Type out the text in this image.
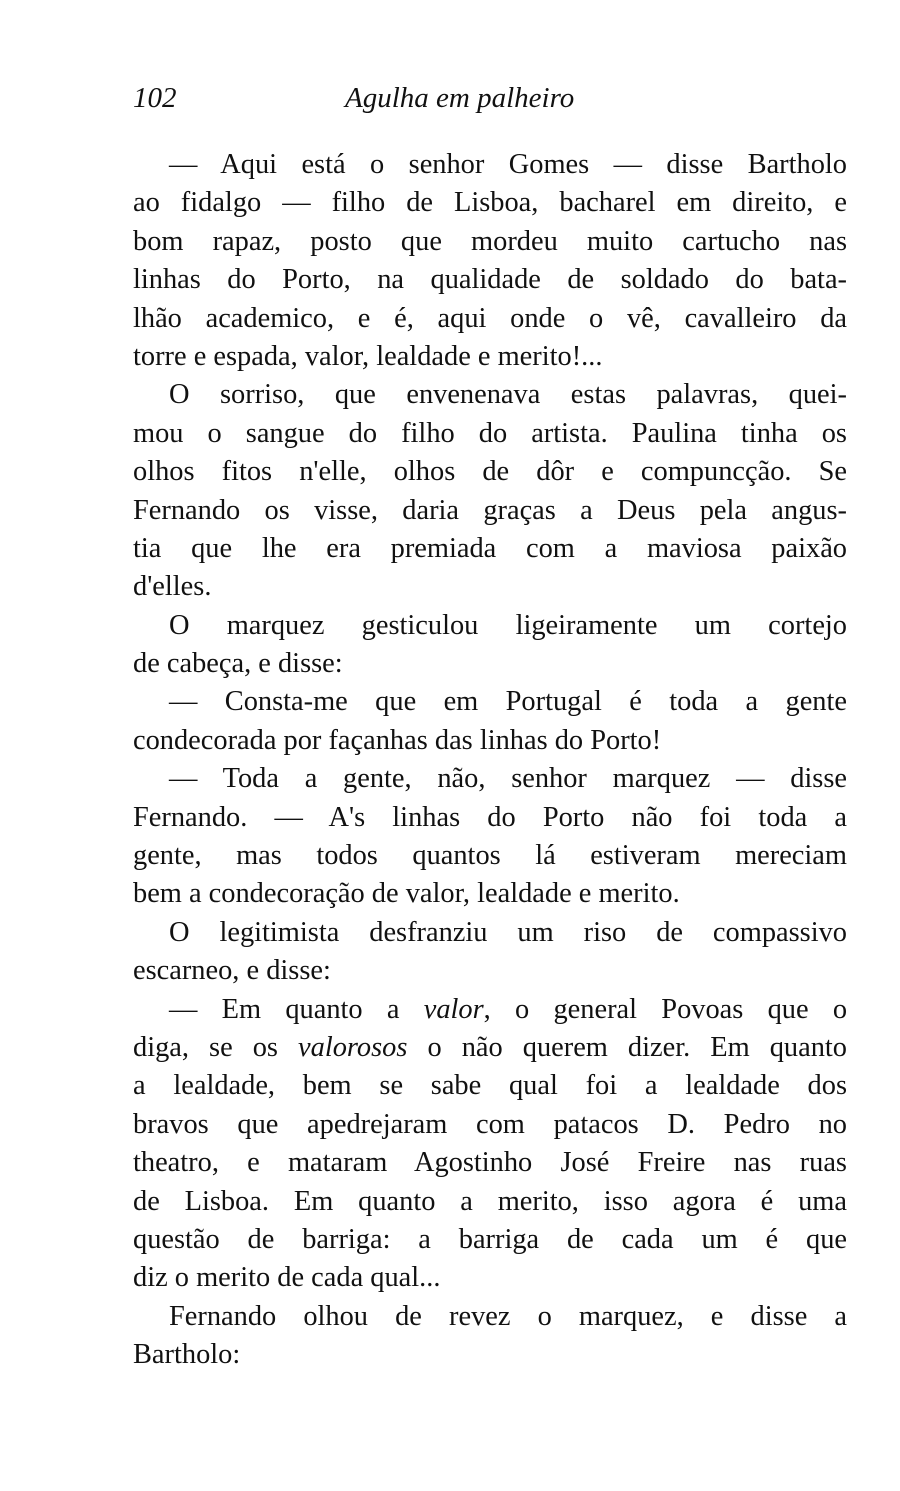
102	Agulha em palheiro
— Aqui está o senhor Gomes — disse Bartholo
ao fidalgo — filho de Lisboa, bacharel em direito, e
bom rapaz, posto que mordeu muito cartucho nas
linhas do Porto, na qualidade de soldado do bata-
lhão academico, e é, aqui onde o vê, cavalleiro da
torre e espada, valor, lealdade e merito!...
O sorriso, que envenenava estas palavras, quei-
mou o sangue do filho do artista. Paulina tinha os
olhos fitos n'elle, olhos de dôr e compuncção. Se
Fernando os visse, daria graças a Deus pela angus-
tia que lhe era premiada com a maviosa paixão
d'elles.
O marquez gesticulou ligeiramente um cortejo
de cabeça, e disse:
— Consta-me que em Portugal é toda a gente
condecorada por façanhas das linhas do Porto!
— Toda a gente, não, senhor marquez — disse
Fernando. — A's linhas do Porto não foi toda a
gente, mas todos quantos lá estiveram mereciam
bem a condecoração de valor, lealdade e merito.
O legitimista desfranziu um riso de compassivo
escarneo, e disse:
— Em quanto a valor, o general Povoas que o
diga, se os valorosos o não querem dizer. Em quanto
a lealdade, bem se sabe qual foi a lealdade dos
bravos que apedrejaram com patacos D. Pedro no
theatro, e mataram Agostinho José Freire nas ruas
de Lisboa. Em quanto a merito, isso agora é uma
questão de barriga: a barriga de cada um é que
diz o merito de cada qual...
Fernando olhou de revez o marquez, e disse a
Bartholo:
